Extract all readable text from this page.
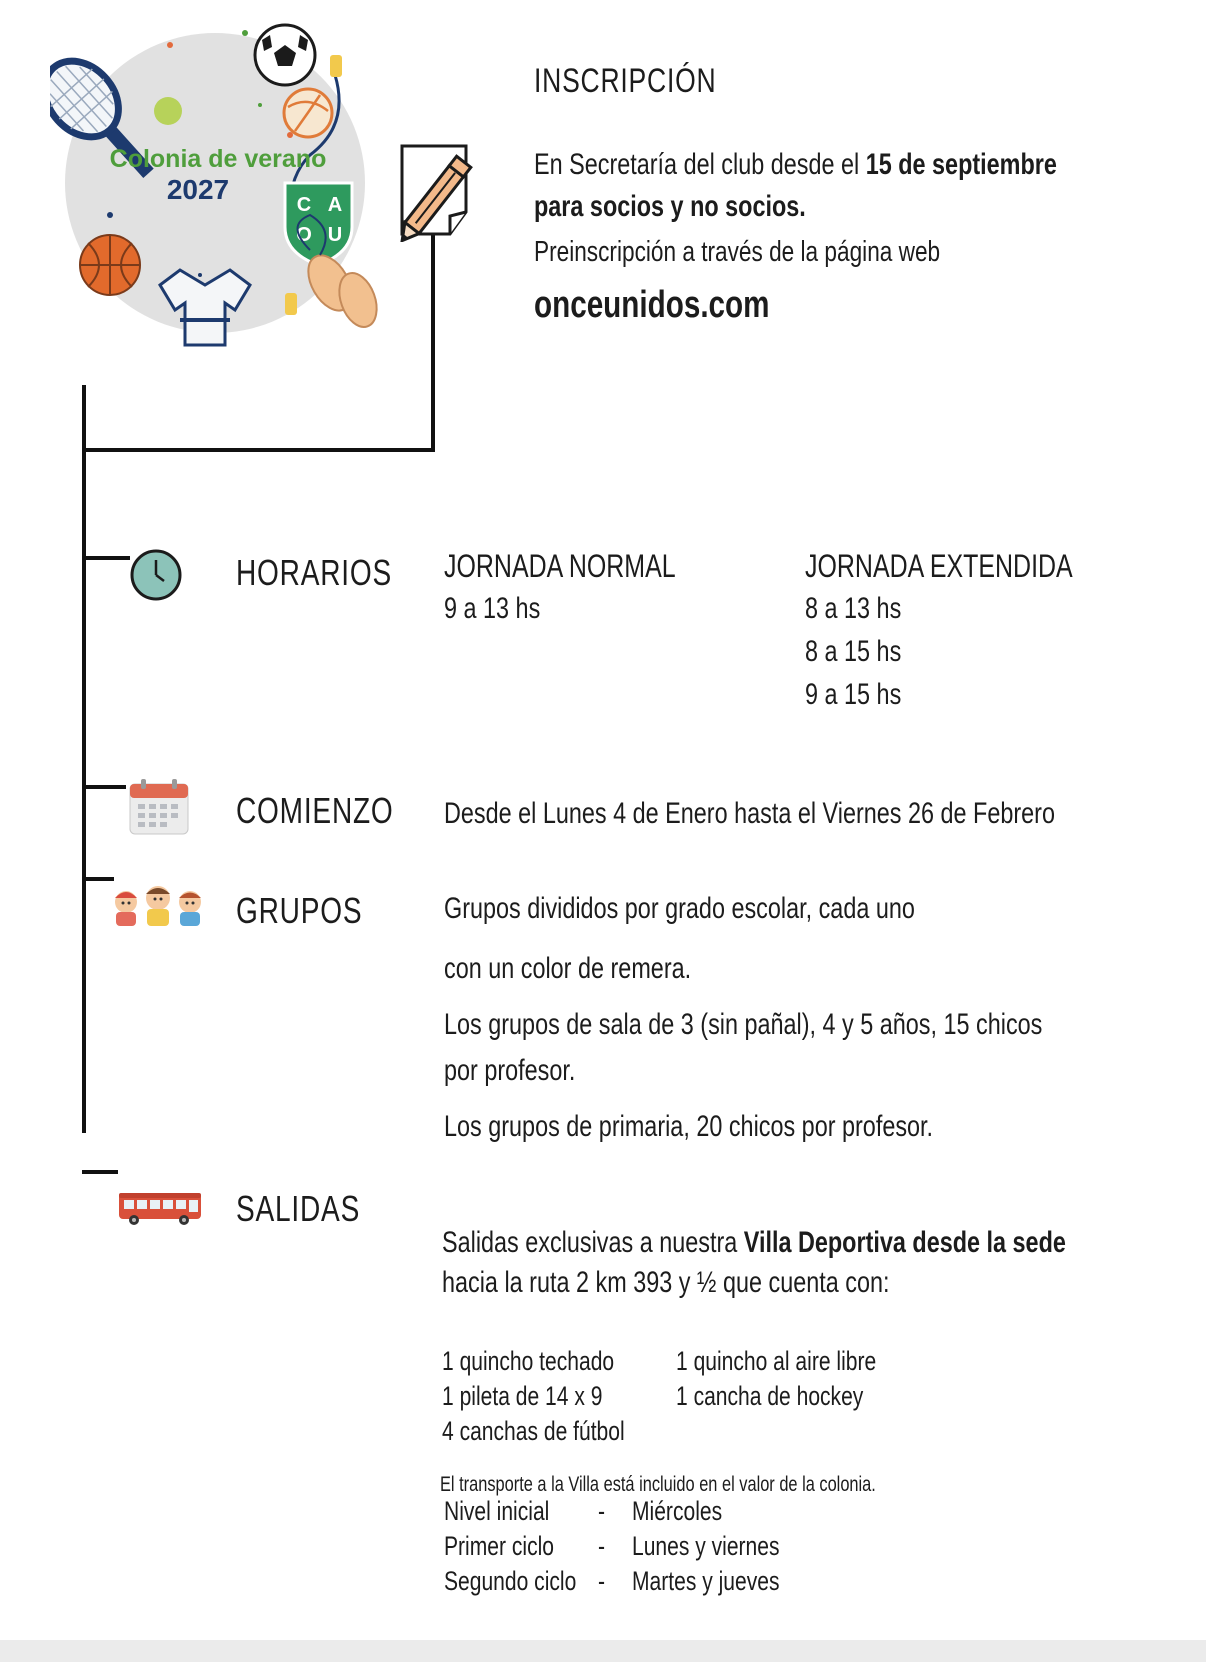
Colonia de verano
2027	C A
O U
INSCRIPCIÓN
En Secretaría del club desde el 15 de septiembre
para socios y no socios.
Preinscripción a través de la página web
onceunidos.com
HORARIOS JORNADA NORMAL
9 a 13 hs
JORNADA EXTENDIDA
8 a 13 hs
8 a 15 hs
9 a 15 hs
COMIENZO Desde el Lunes 4 de Enero hasta el Viernes 26 de Febrero
GRUPOS	Grupos divididos por grado escolar, cada uno
con un color de remera.
Los grupos de sala de 3 (sin pañal), 4 y 5 años, 15 chicos
por profesor.
Los grupos de primaria, 20 chicos por profesor.
SALIDAS
Salidas exclusivas a nuestra Villa Deportiva desde la sede
hacia la ruta 2 km 393 y ½ que cuenta con:
1 quincho techado
1 pileta de 14 x 9
4 canchas de fútbol
1 quincho al aire libre
1 cancha de hockey
El transporte a la Villa está incluido en el valor de la colonia.
Nivel inicial - Miércoles
Primer ciclo - Lunes y viernes
Segundo ciclo - Martes y jueves
